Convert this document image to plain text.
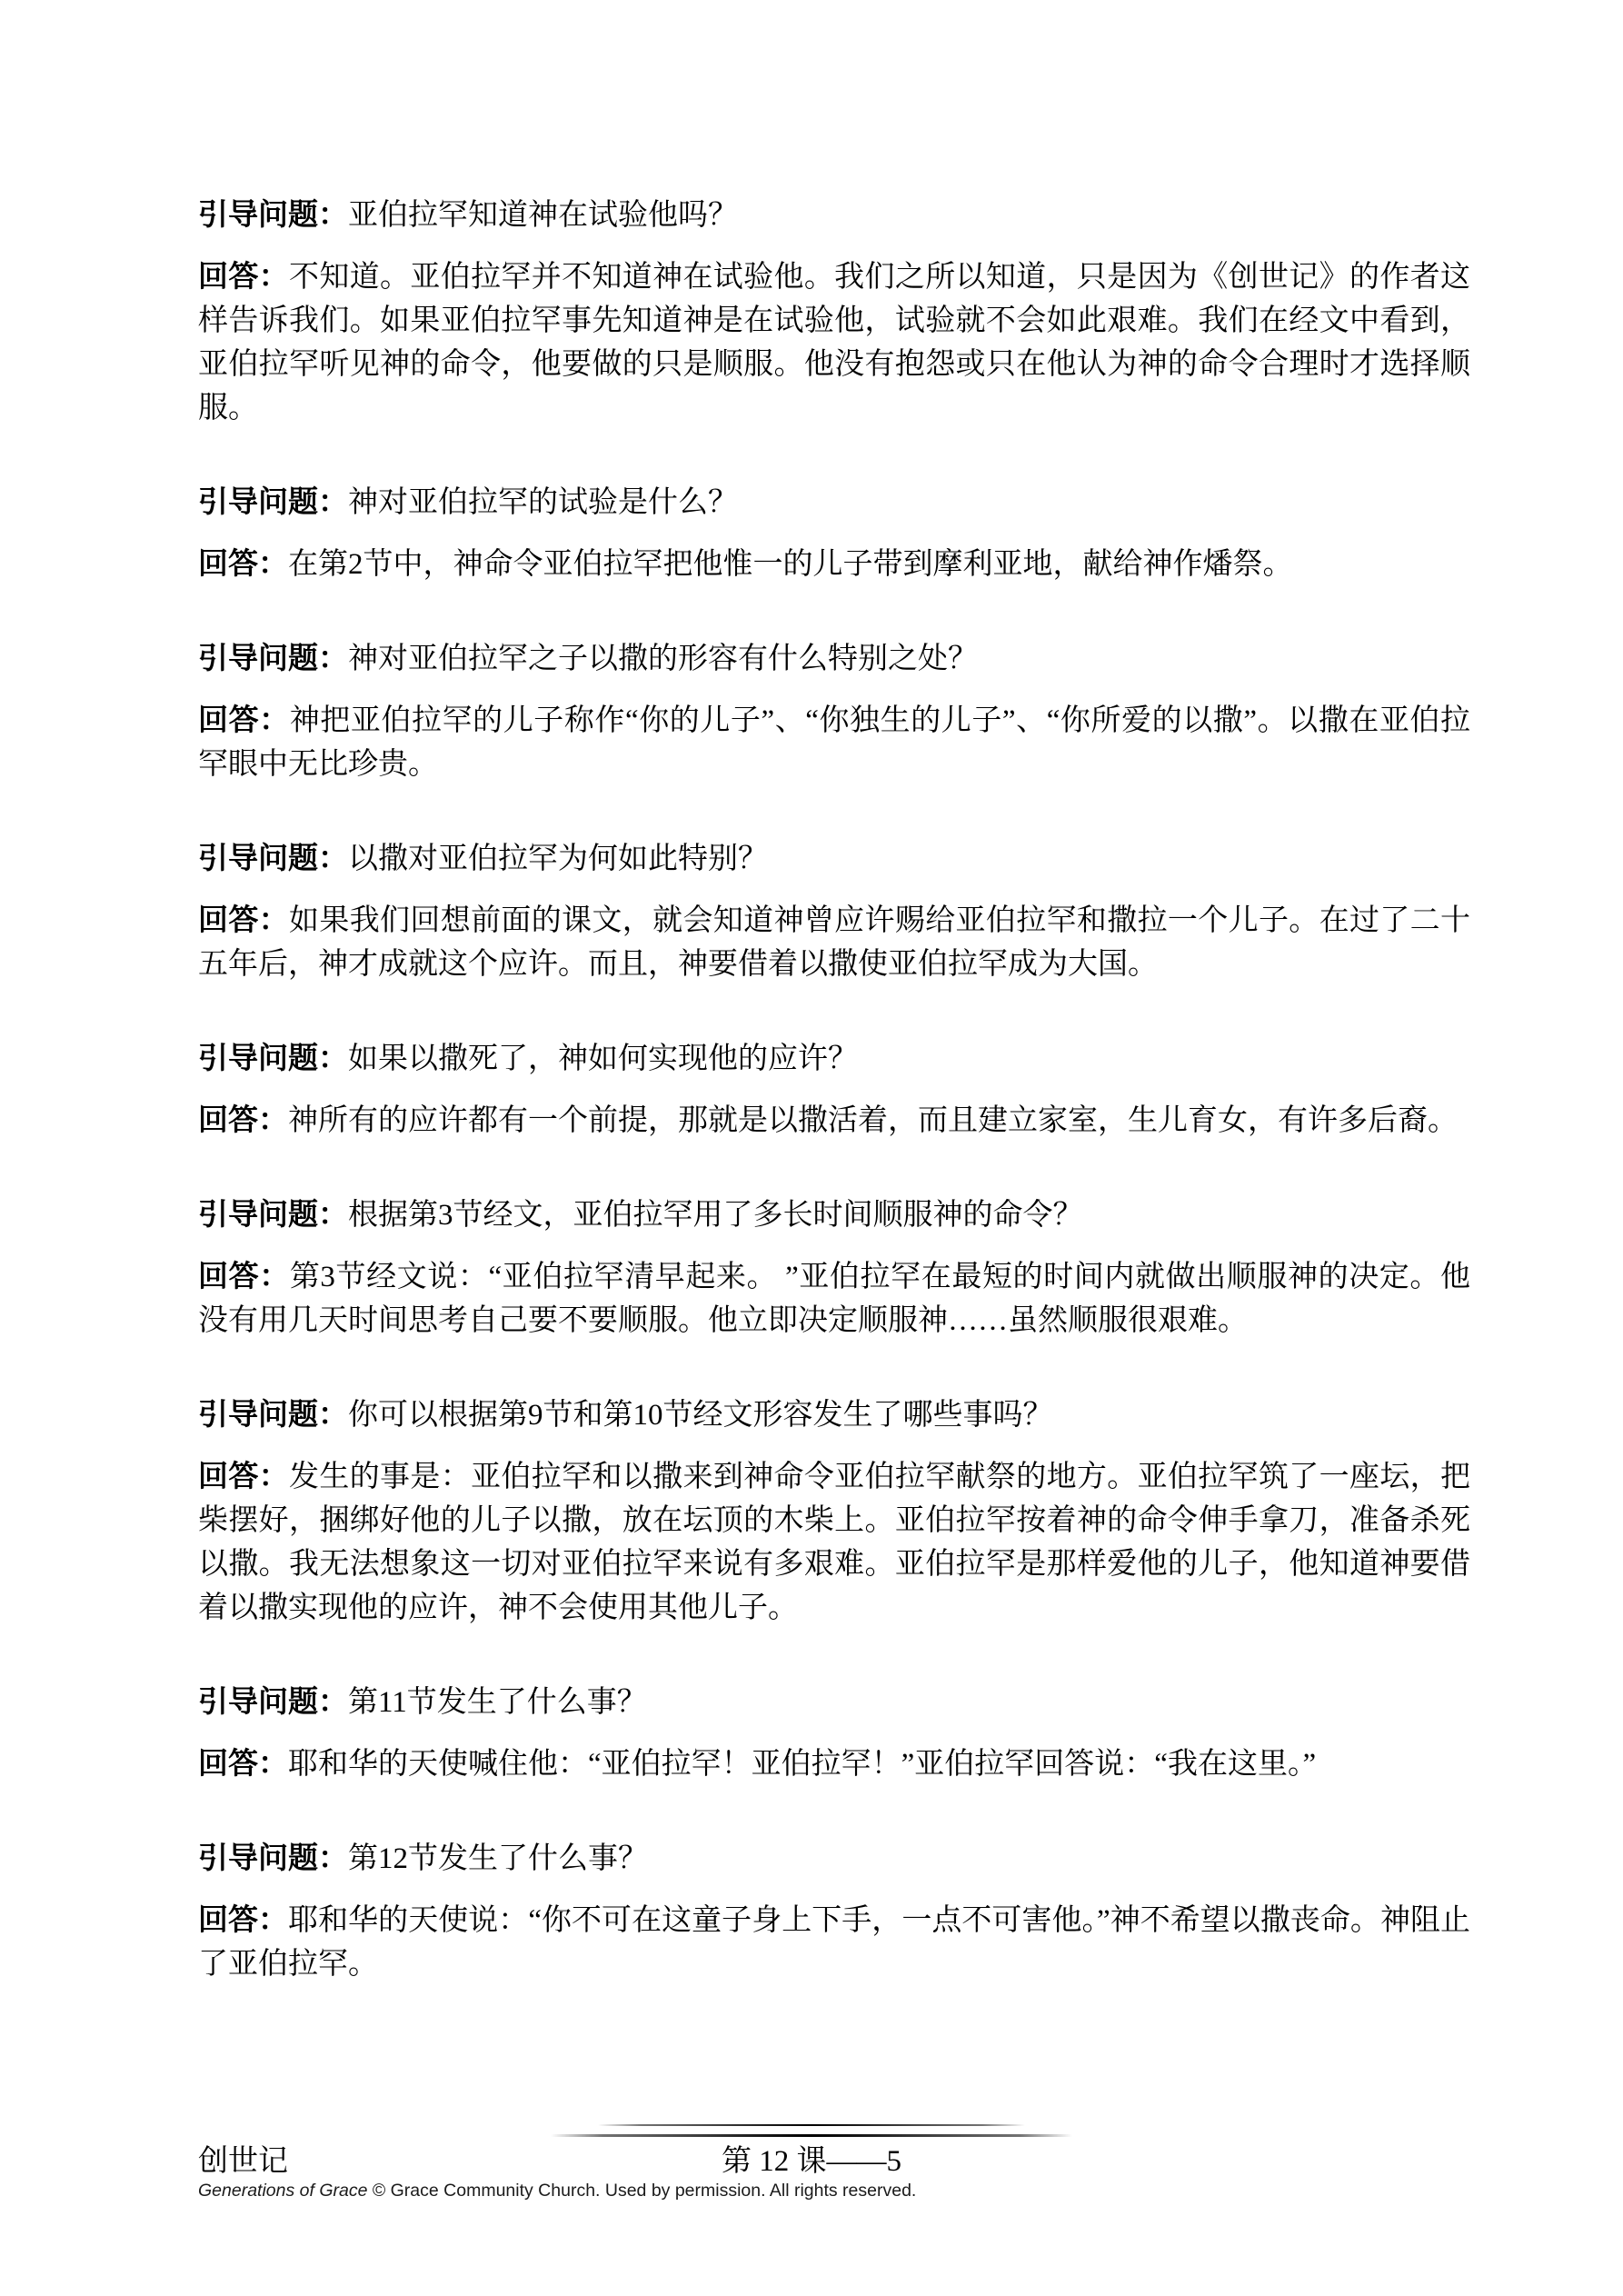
引导问题：亚伯拉罕知道神在试验他吗？

回答：不知道。亚伯拉罕并不知道神在试验他。我们之所以知道，只是因为《创世记》的作者这样告诉我们。如果亚伯拉罕事先知道神是在试验他，试验就不会如此艰难。我们在经文中看到，亚伯拉罕听见神的命令，他要做的只是顺服。他没有抱怨或只在他认为神的命令合理时才选择顺服。

引导问题：神对亚伯拉罕的试验是什么？

回答：在第2节中，神命令亚伯拉罕把他惟一的儿子带到摩利亚地，献给神作燔祭。

引导问题：神对亚伯拉罕之子以撒的形容有什么特别之处？

回答：神把亚伯拉罕的儿子称作“你的儿子”、“你独生的儿子”、“你所爱的以撒”。以撒在亚伯拉罕眼中无比珍贵。

引导问题：以撒对亚伯拉罕为何如此特别？

回答：如果我们回想前面的课文，就会知道神曾应许赐给亚伯拉罕和撒拉一个儿子。在过了二十五年后，神才成就这个应许。而且，神要借着以撒使亚伯拉罕成为大国。

引导问题：如果以撒死了，神如何实现他的应许？

回答：神所有的应许都有一个前提，那就是以撒活着，而且建立家室，生儿育女，有许多后裔。

引导问题：根据第3节经文，亚伯拉罕用了多长时间顺服神的命令？

回答：第3节经文说：“亚伯拉罕清早起来。 ”亚伯拉罕在最短的时间内就做出顺服神的决定。他没有用几天时间思考自己要不要顺服。他立即决定顺服神……虽然顺服很艰难。

引导问题：你可以根据第9节和第10节经文形容发生了哪些事吗？

回答：发生的事是：亚伯拉罕和以撒来到神命令亚伯拉罕献祭的地方。亚伯拉罕筑了一座坛，把柴摆好，捆绑好他的儿子以撒，放在坛顶的木柴上。亚伯拉罕按着神的命令伸手拿刀，准备杀死以撒。我无法想象这一切对亚伯拉罕来说有多艰难。亚伯拉罕是那样爱他的儿子，他知道神要借着以撒实现他的应许，神不会使用其他儿子。

引导问题：第11节发生了什么事？

回答：耶和华的天使喊住他：“亚伯拉罕！亚伯拉罕！”亚伯拉罕回答说：“我在这里。”

引导问题：第12节发生了什么事？

回答：耶和华的天使说：“你不可在这童子身上下手，一点不可害他。”神不希望以撒丧命。神阻止了亚伯拉罕。

创世记	第 12 课——5

Generations of Grace © Grace Community Church. Used by permission. All rights reserved.
